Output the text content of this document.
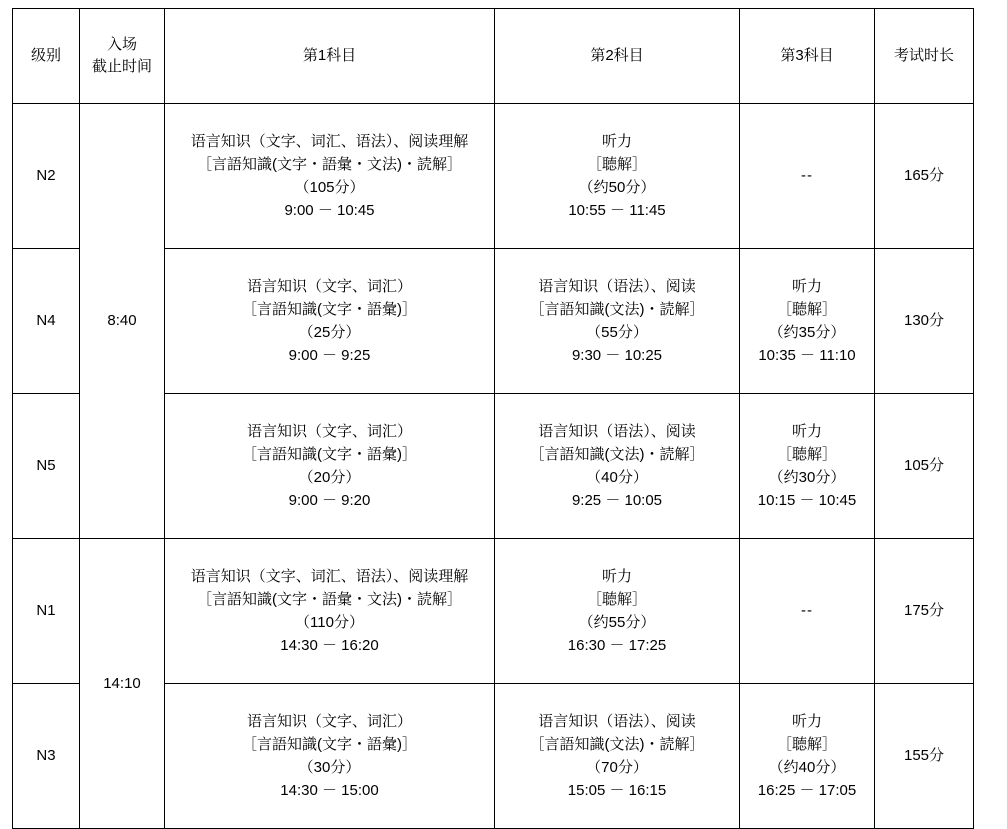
级别	入场
截止时间	第1科目	第2科目	第3科目	考试时长
N2	8:40	语言知识（文字、词汇、语法）、阅读理解
［言語知識(文字・語彙・文法)・読解］
（105分）
9:00 － 10:45	听力
［聴解］
（约50分）
10:55 － 11:45	--	165分
N4		语言知识（文字、词汇）
［言語知識(文字・語彙)］
（25分）
9:00 － 9:25	语言知识（语法）、阅读
［言語知識(文法)・読解］
（55分）
9:30 － 10:25	听力
［聴解］
（约35分）
10:35 － 11:10	130分
N5		语言知识（文字、词汇）
［言語知識(文字・語彙)］
（20分）
9:00 － 9:20	语言知识（语法）、阅读
［言語知識(文法)・読解］
（40分）
9:25 － 10:05	听力
［聴解］
（约30分）
10:15 － 10:45	105分
N1	14:10	语言知识（文字、词汇、语法）、阅读理解
［言語知識(文字・語彙・文法)・読解］
（110分）
14:30 － 16:20	听力
［聴解］
（约55分）
16:30 － 17:25	--	175分
N3		语言知识（文字、词汇）
［言語知識(文字・語彙)］
（30分）
14:30 － 15:00	语言知识（语法）、阅读
［言語知識(文法)・読解］
（70分）
15:05 － 16:15	听力
［聴解］
（约40分）
16:25 － 17:05	155分
